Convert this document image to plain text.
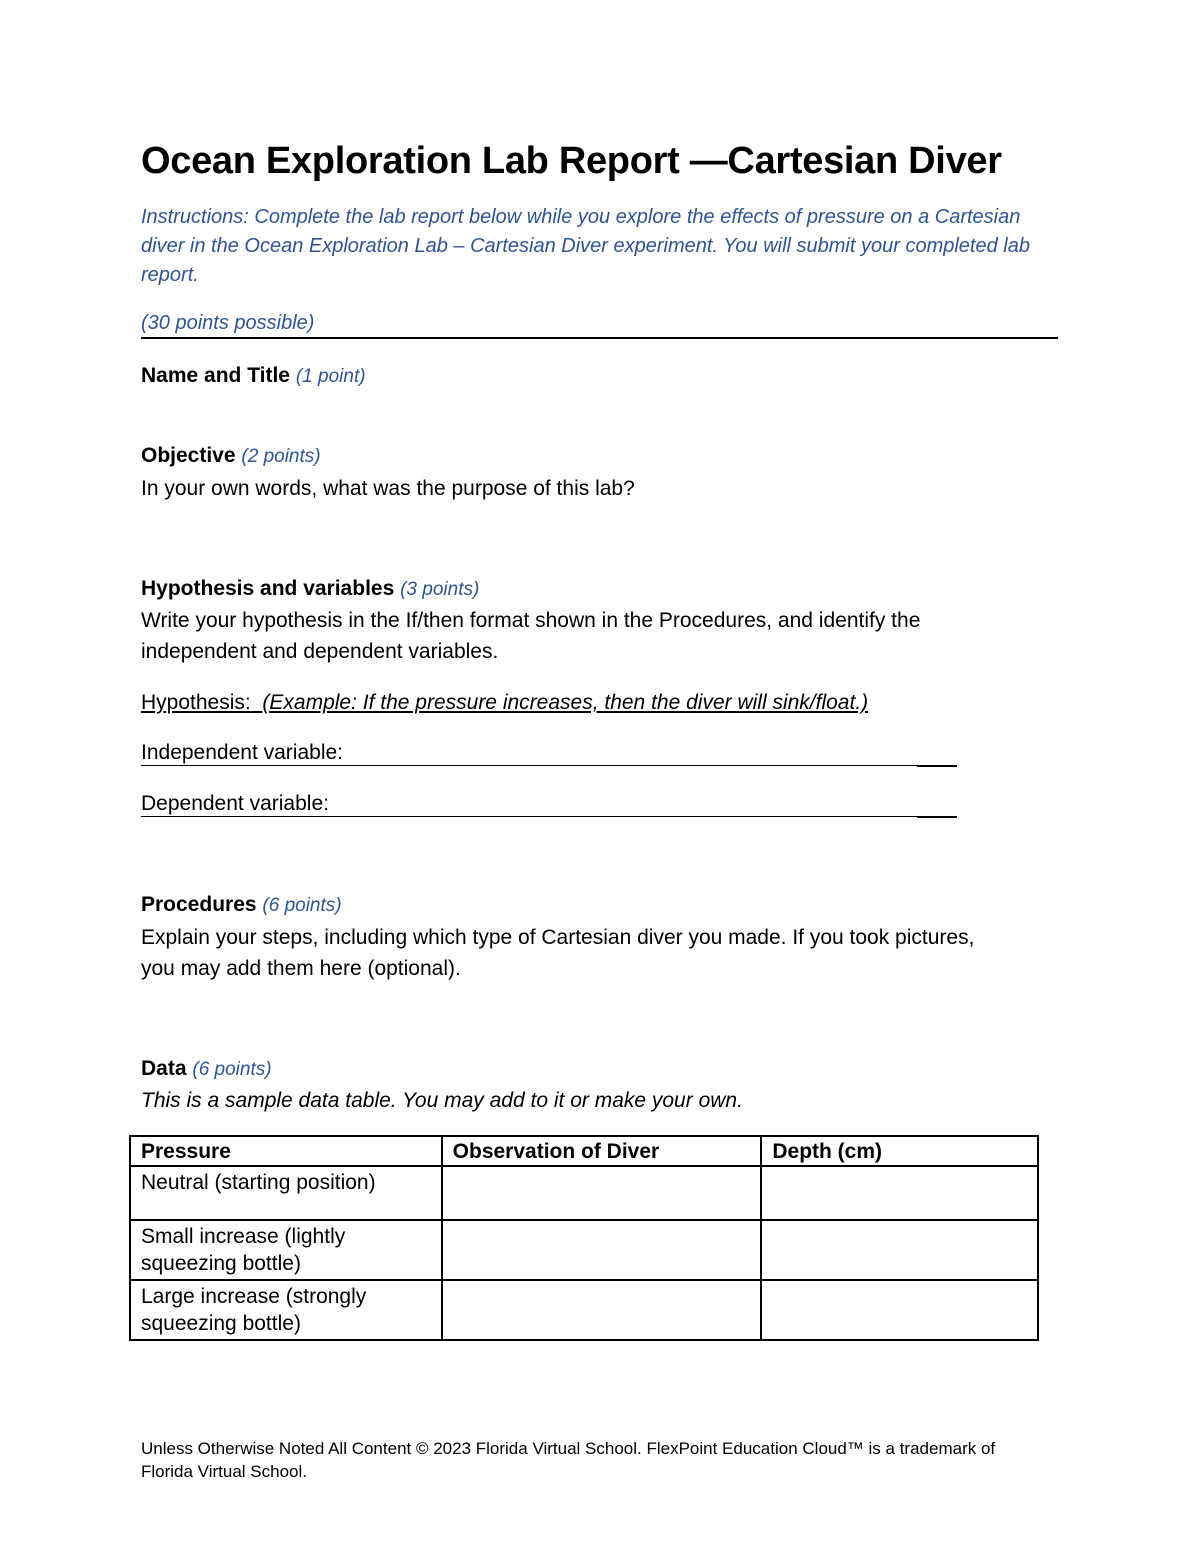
Ocean Exploration Lab Report —Cartesian Diver
Instructions: Complete the lab report below while you explore the effects of pressure on a Cartesian diver in the Ocean Exploration Lab – Cartesian Diver experiment. You will submit your completed lab report.
(30 points possible)
Name and Title (1 point)
Objective (2 points)
In your own words, what was the purpose of this lab?
Hypothesis and variables (3 points)
Write your hypothesis in the If/then format shown in the Procedures, and identify the independent and dependent variables.
Hypothesis: (Example: If the pressure increases, then the diver will sink/float.)
Independent variable:
Dependent variable:
Procedures (6 points)
Explain your steps, including which type of Cartesian diver you made. If you took pictures, you may add them here (optional).
Data (6 points)
This is a sample data table. You may add to it or make your own.
Pressure	Observation of Diver	Depth (cm)
Neutral (starting position)		
Small increase (lightly squeezing bottle)		
Large increase (strongly squeezing bottle)		
Unless Otherwise Noted All Content © 2023 Florida Virtual School. FlexPoint Education Cloud™ is a trademark of Florida Virtual School.
